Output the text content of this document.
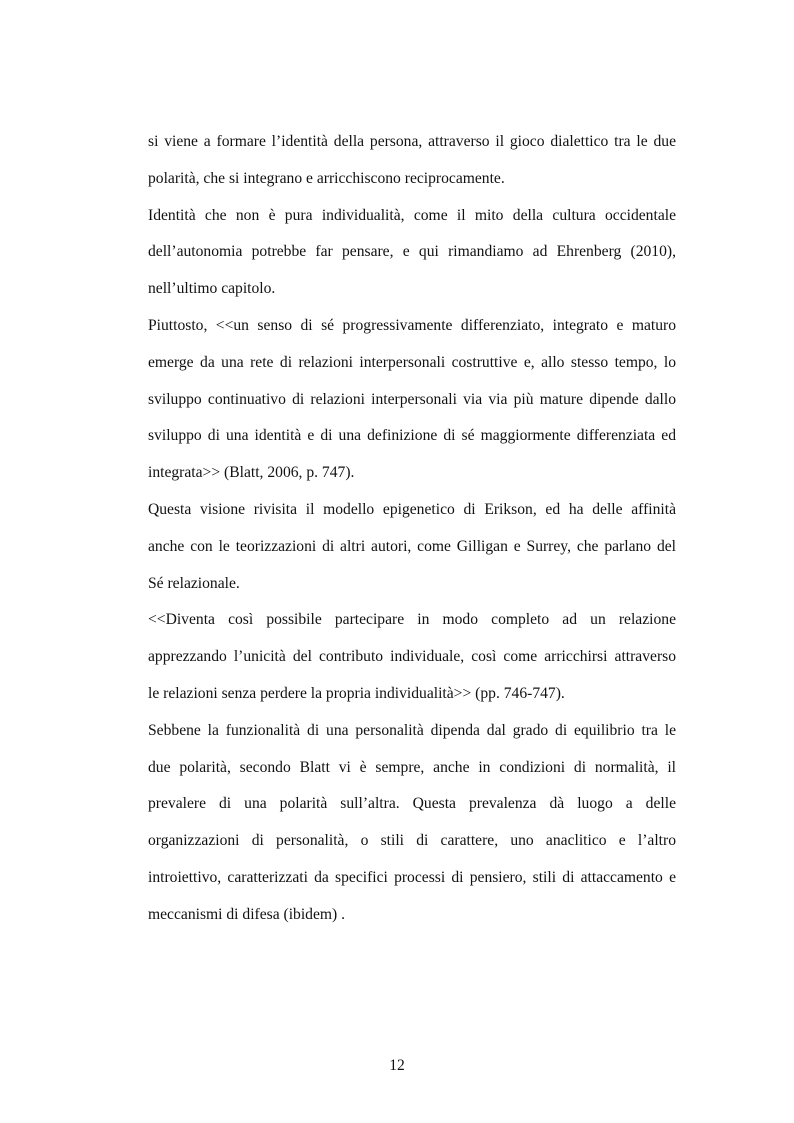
si viene a formare l’identità della persona, attraverso il gioco dialettico tra le due
polarità, che si integrano e arricchiscono reciprocamente.
Identità che non è pura individualità, come il mito della cultura occidentale
dell’autonomia potrebbe far pensare, e qui rimandiamo ad Ehrenberg (2010),
nell’ultimo capitolo.
Piuttosto, <<un senso di sé progressivamente differenziato, integrato e maturo
emerge da una rete di relazioni interpersonali costruttive e, allo stesso tempo, lo
sviluppo continuativo di relazioni interpersonali via via più mature dipende dallo
sviluppo di una identità e di una definizione di sé maggiormente differenziata ed
integrata>> (Blatt, 2006, p. 747).
Questa visione rivisita il modello epigenetico di Erikson, ed ha delle affinità
anche con le teorizzazioni di altri autori, come Gilligan e Surrey, che parlano del
Sé relazionale.
<<Diventa così possibile partecipare in modo completo ad un relazione
apprezzando l’unicità del contributo individuale, così come arricchirsi attraverso
le relazioni senza perdere la propria individualità>> (pp. 746-747).
Sebbene la funzionalità di una personalità dipenda dal grado di equilibrio tra le
due polarità, secondo Blatt vi è sempre, anche in condizioni di normalità, il
prevalere di una polarità sull’altra. Questa prevalenza dà luogo a delle
organizzazioni di personalità, o stili di carattere, uno anaclitico e l’altro
introiettivo, caratterizzati da specifici processi di pensiero, stili di attaccamento e
meccanismi di difesa (ibidem) .
12
